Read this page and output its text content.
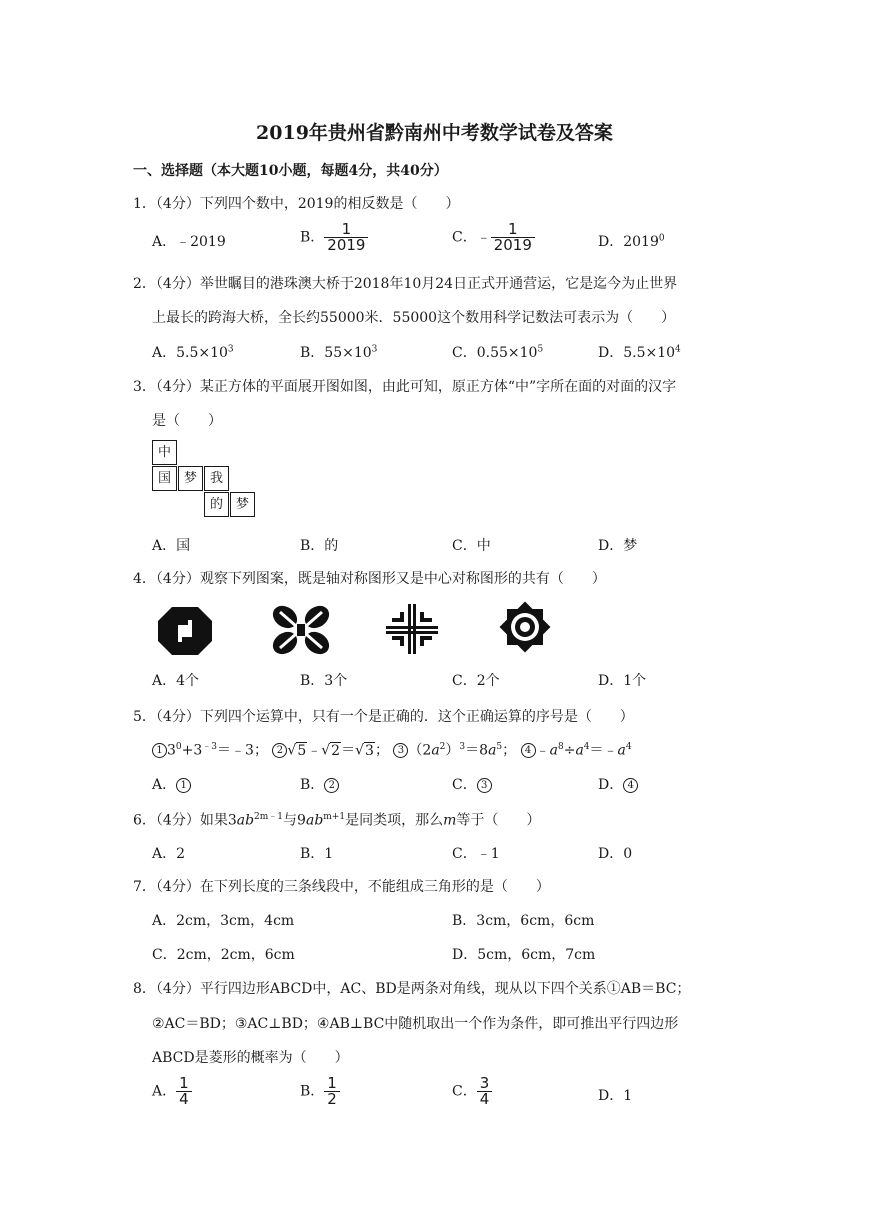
2019年贵州省黔南州中考数学试卷及答案
一、选择题（本大题10小题，每题4分，共40分）
1．（4分）下列四个数中，2019的相反数是（　　）
A．﹣2019	B． $\frac{1}{2019}$	C．﹣ $\frac{1}{2019}$	D．2019$^0$
2．（4分）举世瞩目的港珠澳大桥于2018年10月24日正式开通营运，它是迄今为止世界
上最长的跨海大桥，全长约55000米．55000这个数用科学记数法可表示为（　　）
A．$5.5\times 10^3$	B．$55\times 10^3$	C．$0.55\times 10^5$	D．$5.5\times 10^4$
3．（4分）某正方体的平面展开图如图，由此可知，原正方体“中”字所在面的对面的汉字
是（　　）
中
国 梦 我
的 梦
A．国	B．的	C．中	D．梦
4．（4分）观察下列图案，既是轴对称图形又是中心对称图形的共有（　　）
A．4个	B．3个	C．2个	D．1个
5．（4分）下列四个运算中，只有一个是正确的．这个正确运算的序号是（　　）
1 $3^0+3^{﹣3}=﹣3$； 2 √5﹣√2＝√3； 3 $(2a^2)^3=8a^5$； 4 $﹣a^8\div a^4=﹣a^4$
A． 1	B． 2	C． 3	D． 4
6．（4分）如果$3ab^{2m﹣1}$与$9ab^{m+1}$是同类项，那么m等于（　　）
A．2	B．1	C．﹣1	D．0
7．（4分）在下列长度的三条线段中，不能组成三角形的是（　　）
A．2cm，3cm，4cm	B．3cm，6cm，6cm
C．2cm，2cm，6cm	D．5cm，6cm，7cm
8．（4分）平行四边形ABCD中，AC、BD是两条对角线，现从以下四个关系①AB＝BC；
②AC＝BD；③AC⊥BD；④AB⊥BC中随机取出一个作为条件，即可推出平行四边形
ABCD是菱形的概率为（　　）
A． $\frac{1}{4}$	B． $\frac{1}{2}$	C． $\frac{3}{4}$	D．1
